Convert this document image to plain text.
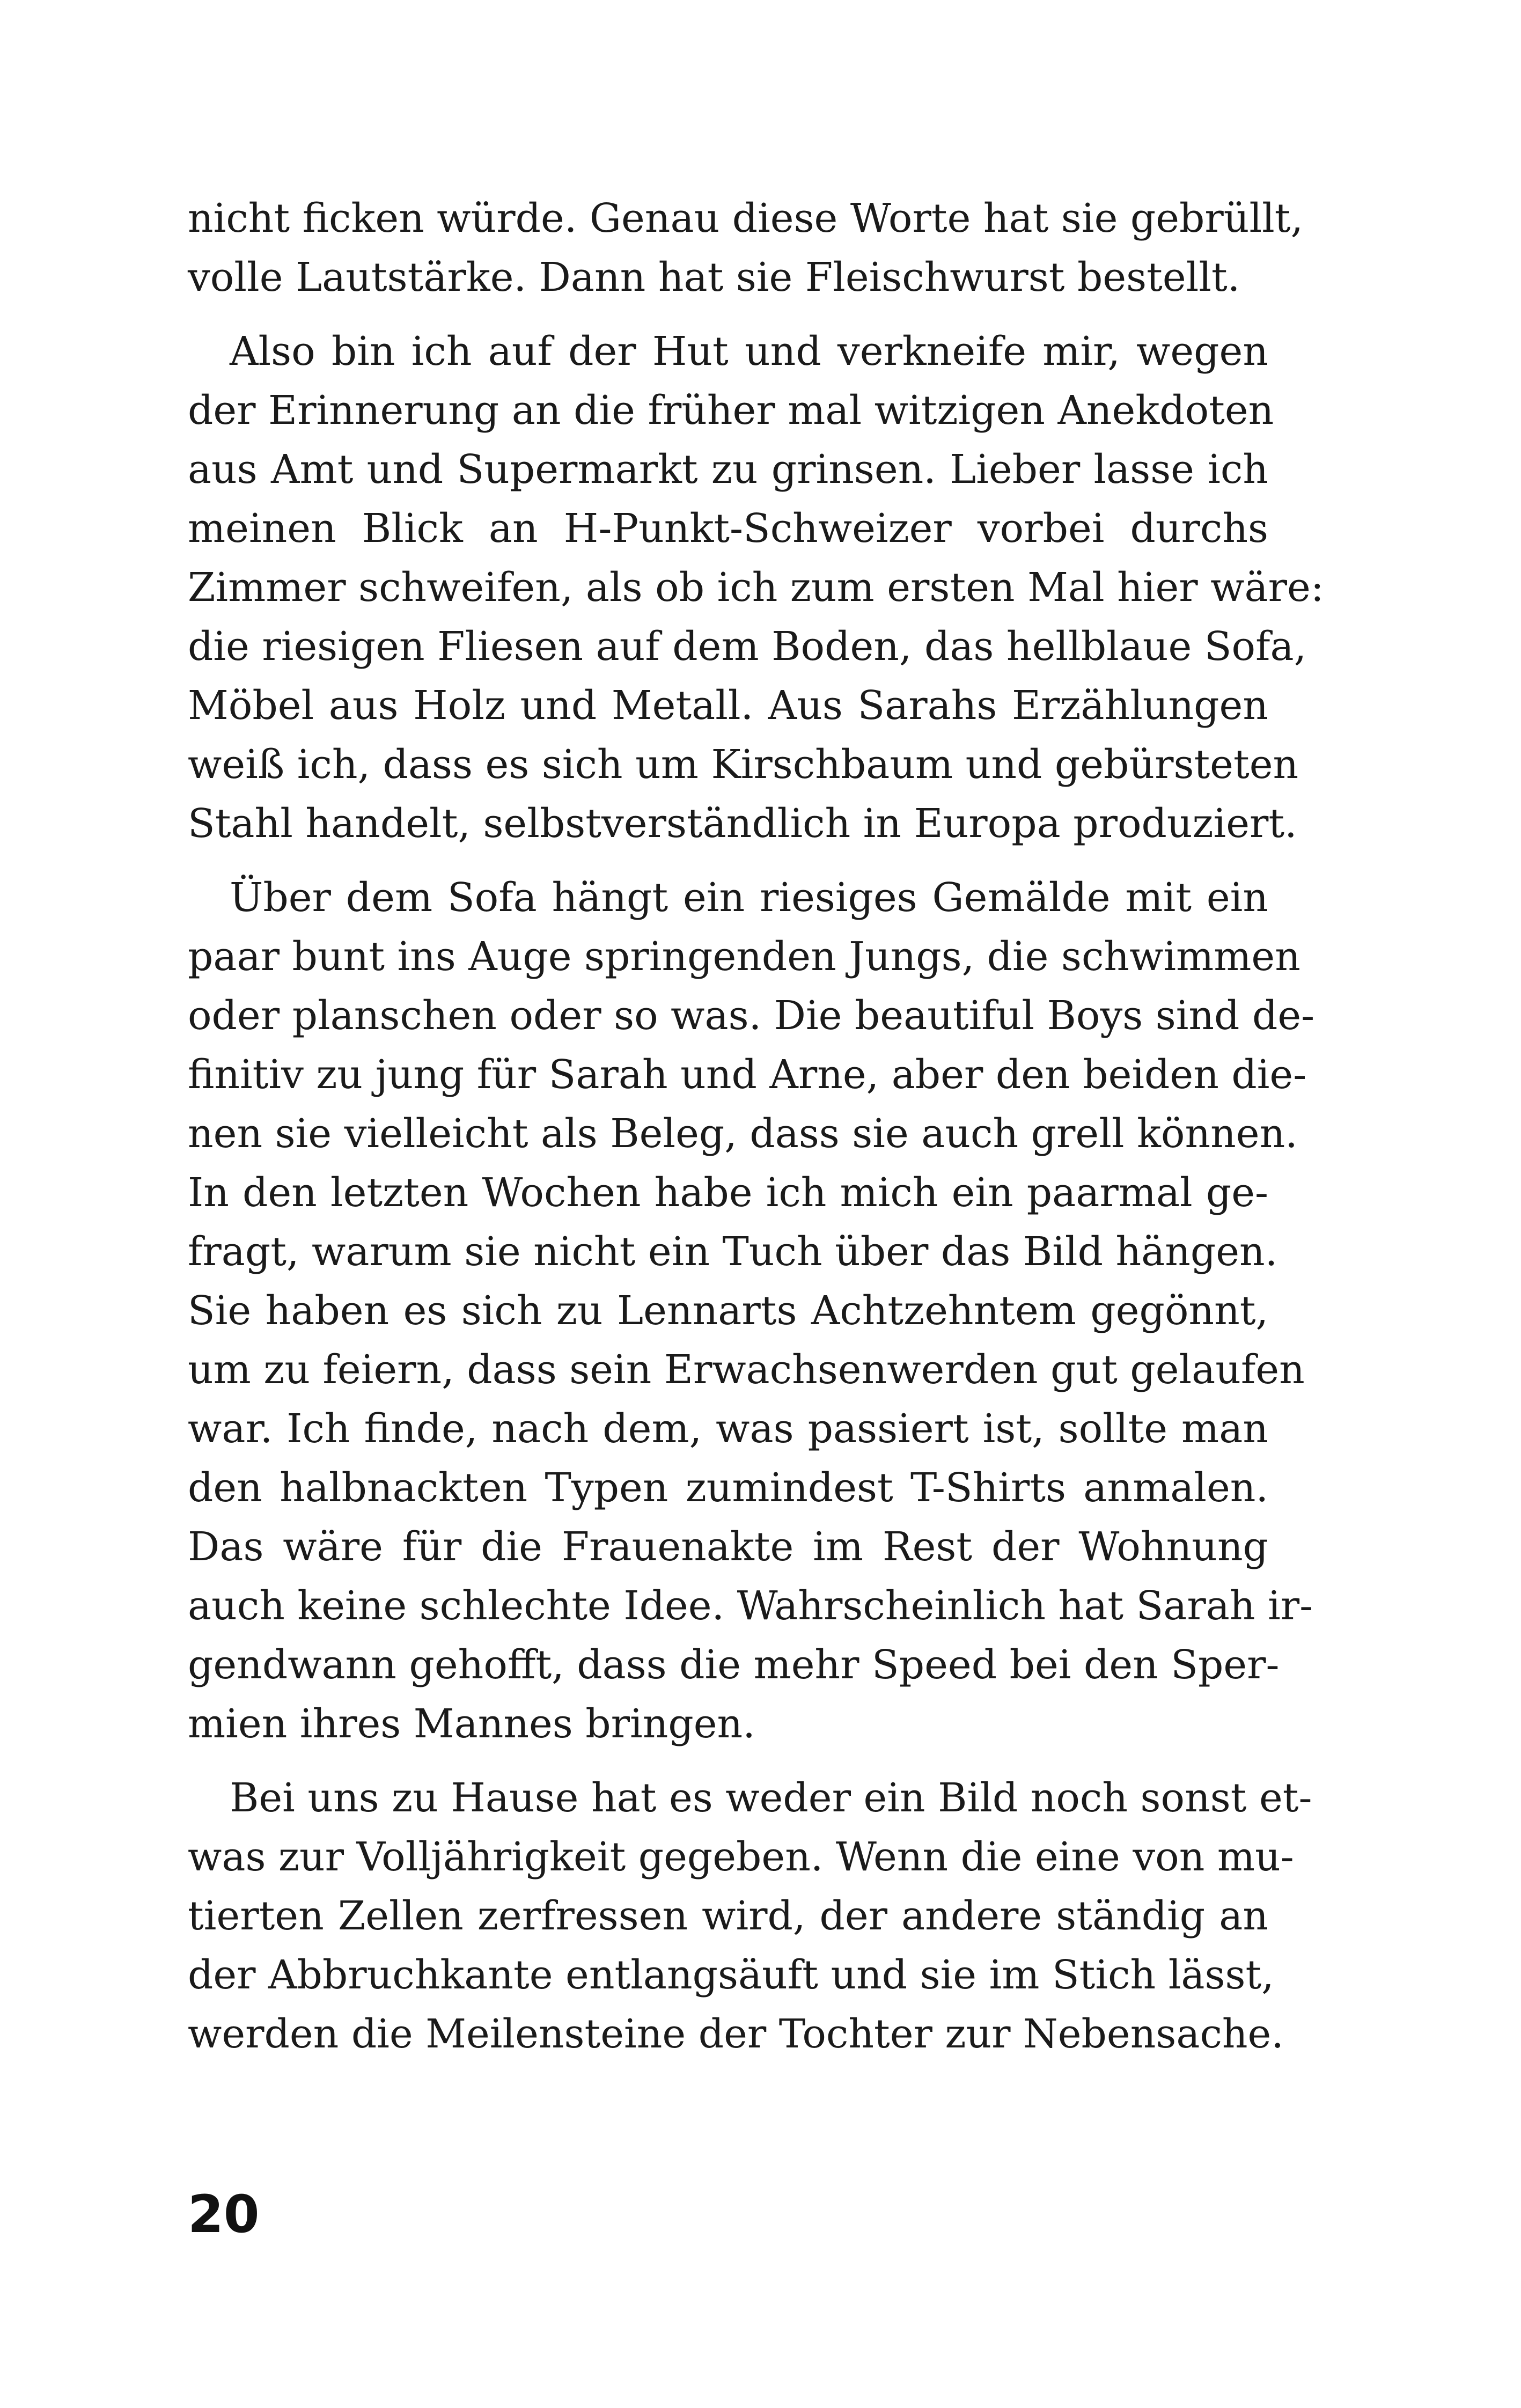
nicht ficken würde. Genau diese Worte hat sie gebrüllt,
volle Lautstärke. Dann hat sie Fleischwurst bestellt.
Also bin ich auf der Hut und verkneife mir, wegen
der Erinnerung an die früher mal witzigen Anekdoten
aus Amt und Supermarkt zu grinsen. Lieber lasse ich
meinen Blick an H-Punkt-Schweizer vorbei durchs
Zimmer schweifen, als ob ich zum ersten Mal hier wäre:
die riesigen Fliesen auf dem Boden, das hellblaue Sofa,
Möbel aus Holz und Metall. Aus Sarahs Erzählungen
weiß ich, dass es sich um Kirschbaum und gebürsteten
Stahl handelt, selbstverständlich in Europa produziert.
Über dem Sofa hängt ein riesiges Gemälde mit ein
paar bunt ins Auge springenden Jungs, die schwimmen
oder planschen oder so was. Die beautiful Boys sind de-
finitiv zu jung für Sarah und Arne, aber den beiden die-
nen sie vielleicht als Beleg, dass sie auch grell können.
In den letzten Wochen habe ich mich ein paarmal ge-
fragt, warum sie nicht ein Tuch über das Bild hängen.
Sie haben es sich zu Lennarts Achtzehntem gegönnt,
um zu feiern, dass sein Erwachsenwerden gut gelaufen
war. Ich finde, nach dem, was passiert ist, sollte man
den halbnackten Typen zumindest T-Shirts anmalen.
Das wäre für die Frauenakte im Rest der Wohnung
auch keine schlechte Idee. Wahrscheinlich hat Sarah ir-
gendwann gehofft, dass die mehr Speed bei den Sper-
mien ihres Mannes bringen.
Bei uns zu Hause hat es weder ein Bild noch sonst et-
was zur Volljährigkeit gegeben. Wenn die eine von mu-
tierten Zellen zerfressen wird, der andere ständig an
der Abbruchkante entlangsäuft und sie im Stich lässt,
werden die Meilensteine der Tochter zur Nebensache.
20
